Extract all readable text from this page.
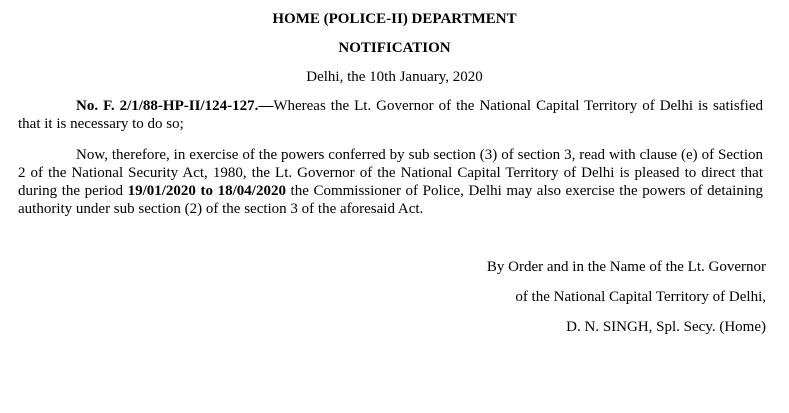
HOME (POLICE-II) DEPARTMENT
NOTIFICATION
Delhi, the 10th January, 2020

No. F. 2/1/88-HP-II/124-127.—Whereas the Lt. Governor of the National Capital Territory of Delhi is satisfied that it is necessary to do so;

Now, therefore, in exercise of the powers conferred by sub section (3) of section 3, read with clause (e) of Section 2 of the National Security Act, 1980, the Lt. Governor of the National Capital Territory of Delhi is pleased to direct that during the period 19/01/2020 to 18/04/2020 the Commissioner of Police, Delhi may also exercise the powers of detaining authority under sub section (2) of the section 3 of the aforesaid Act.

By Order and in the Name of the Lt. Governor
of the National Capital Territory of Delhi,
D. N. SINGH, Spl. Secy. (Home)
